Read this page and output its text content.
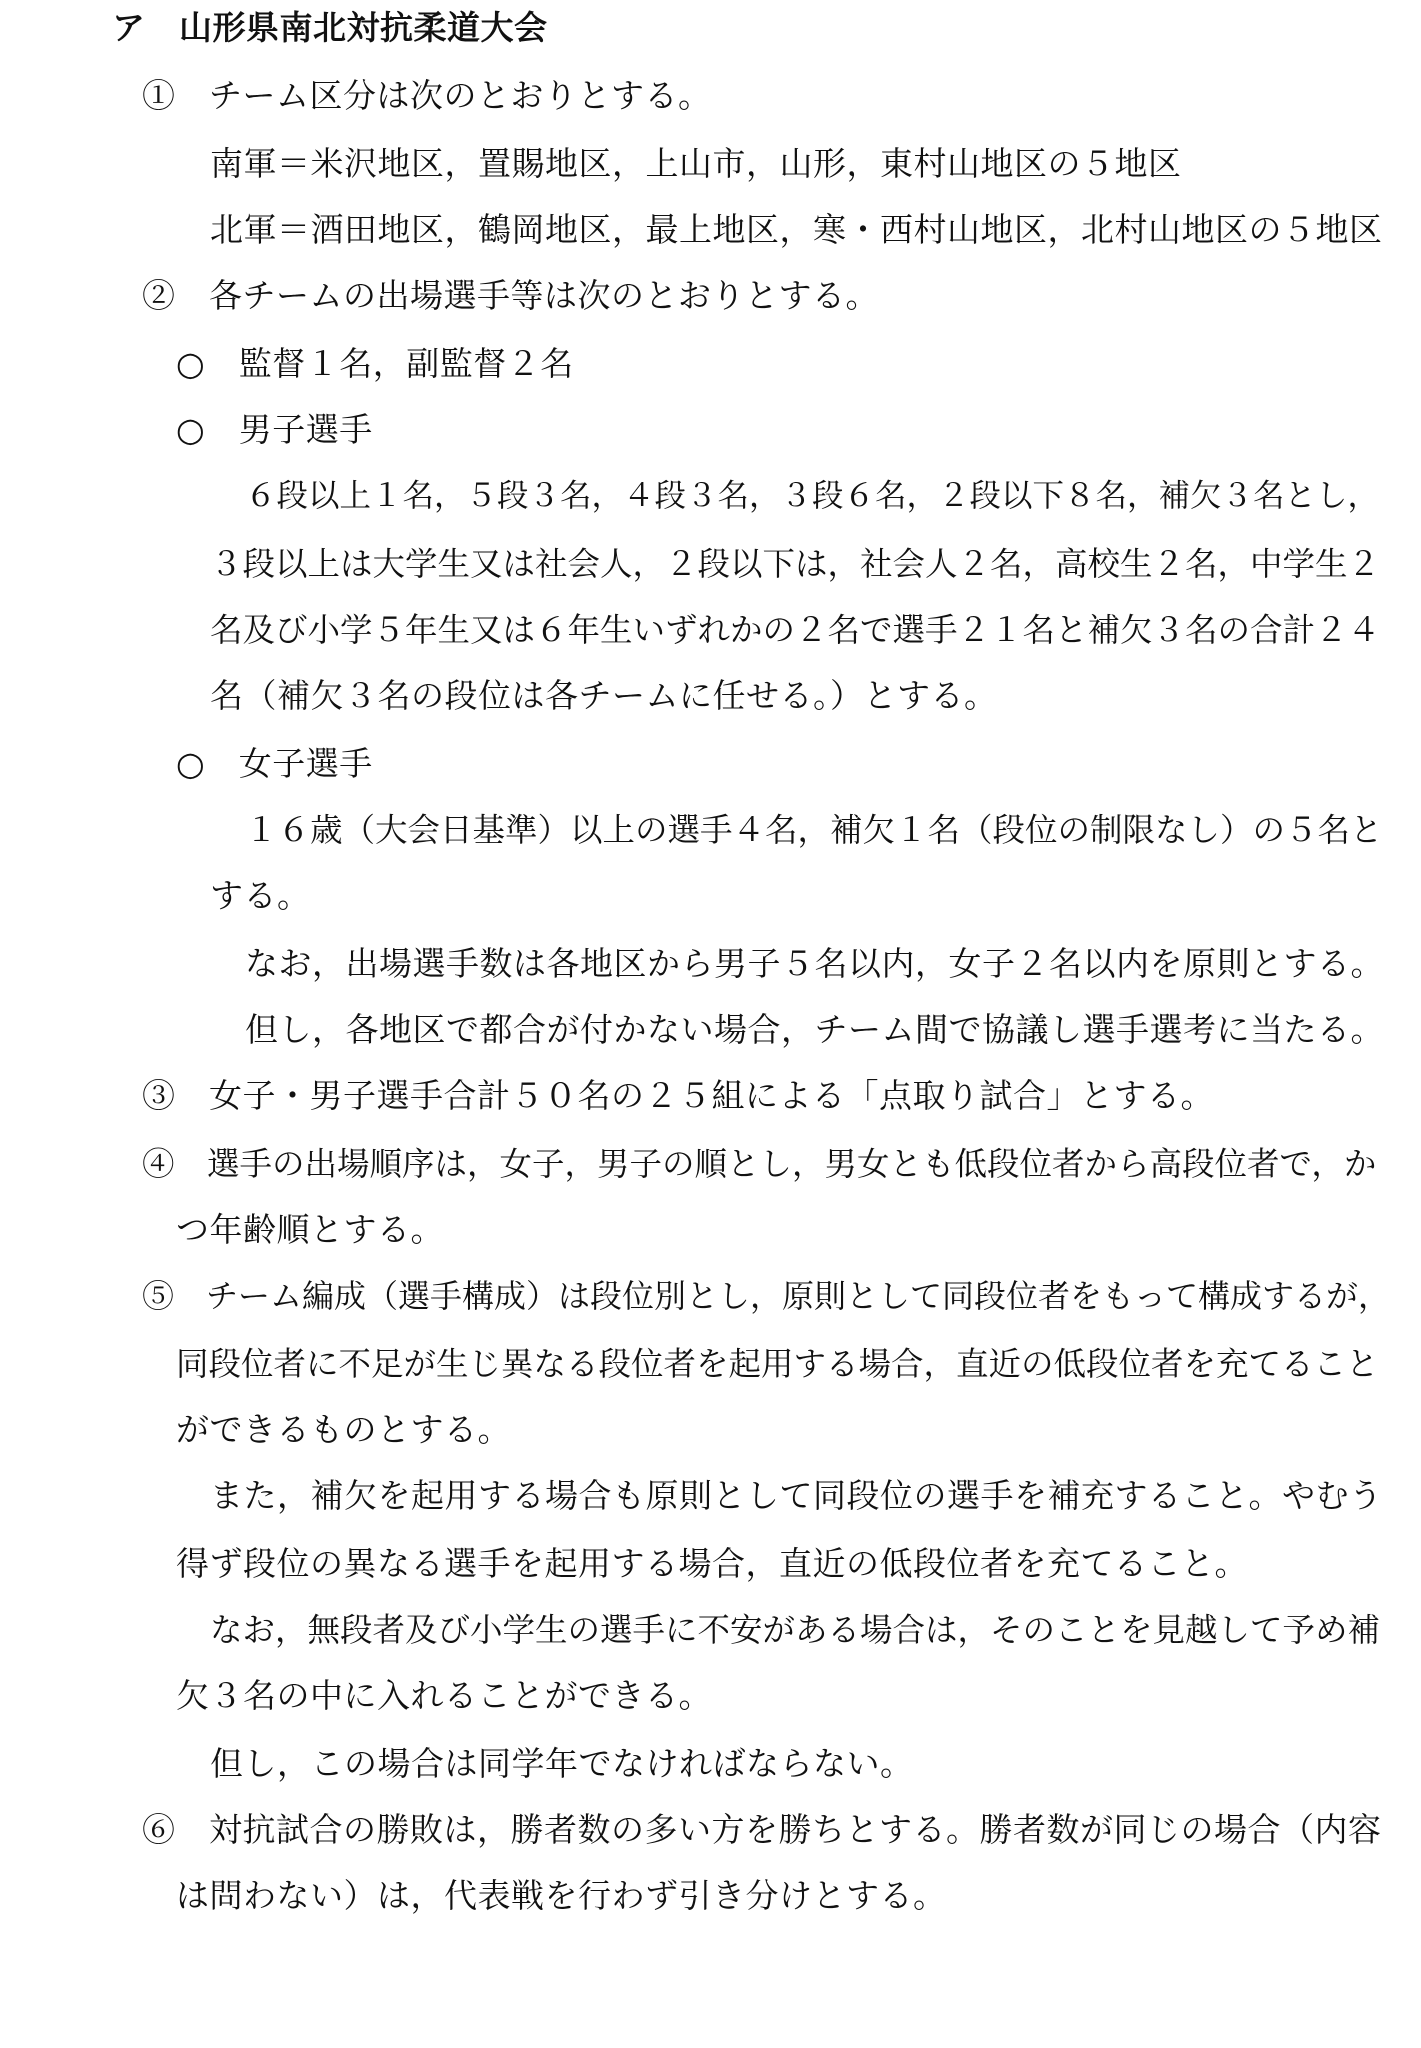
ア　山形県南北対抗柔道大会
①　チーム区分は次のとおりとする。
南軍＝米沢地区，置賜地区，上山市，山形，東村山地区の５地区
北軍＝酒田地区，鶴岡地区，最上地区，寒・西村山地区，北村山地区の５地区
②　各チームの出場選手等は次のとおりとする。
○　監督１名，副監督２名
○　男子選手
６段以上１名，５段３名，４段３名，３段６名，２段以下８名，補欠３名とし，
３段以上は大学生又は社会人，２段以下は，社会人２名，高校生２名，中学生２
名及び小学５年生又は６年生いずれかの２名で選手２１名と補欠３名の合計２４
名（補欠３名の段位は各チームに任せる。）とする。
○　女子選手
１６歳（大会日基準）以上の選手４名，補欠１名（段位の制限なし）の５名と
する。
なお，出場選手数は各地区から男子５名以内，女子２名以内を原則とする。
但し，各地区で都合が付かない場合，チーム間で協議し選手選考に当たる。
③　女子・男子選手合計５０名の２５組による「点取り試合」とする。
④　選手の出場順序は，女子，男子の順とし，男女とも低段位者から高段位者で，か
つ年齢順とする。
⑤　チーム編成（選手構成）は段位別とし，原則として同段位者をもって構成するが，
同段位者に不足が生じ異なる段位者を起用する場合，直近の低段位者を充てること
ができるものとする。
また，補欠を起用する場合も原則として同段位の選手を補充すること。やむう
得ず段位の異なる選手を起用する場合，直近の低段位者を充てること。
なお，無段者及び小学生の選手に不安がある場合は，そのことを見越して予め補
欠３名の中に入れることができる。
但し，この場合は同学年でなければならない。
⑥　対抗試合の勝敗は，勝者数の多い方を勝ちとする。勝者数が同じの場合（内容
は問わない）は，代表戦を行わず引き分けとする。
